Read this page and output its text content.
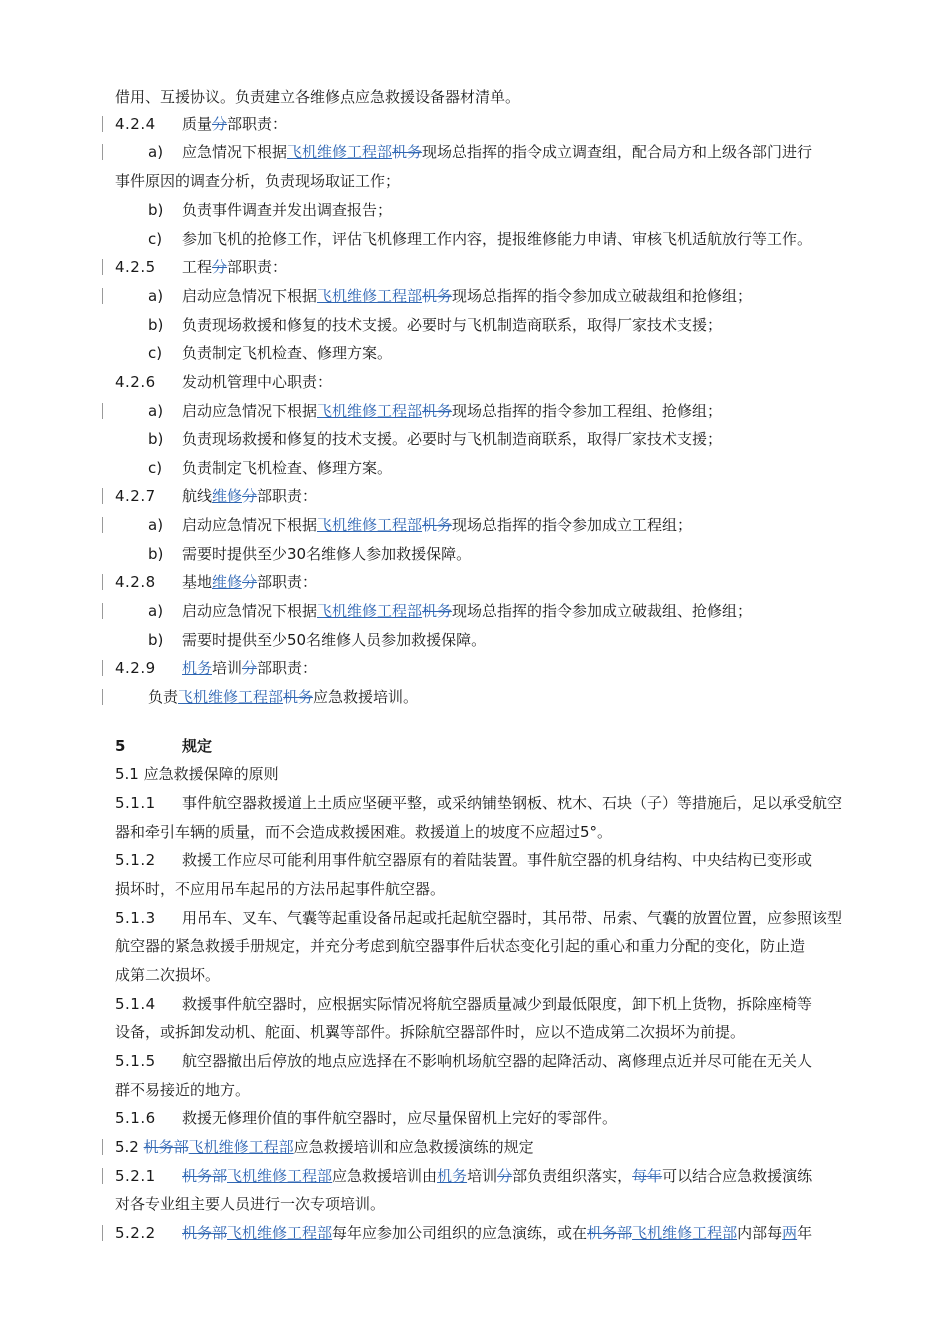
借用、互援协议。负责建立各维修点应急救援设备器材清单。
4.2.4 质量分部职责：
a) 应急情况下根据飞机维修工程部机务现场总指挥的指令成立调查组，配合局方和上级各部门进行
事件原因的调查分析，负责现场取证工作；
b) 负责事件调查并发出调查报告；
c) 参加飞机的抢修工作，评估飞机修理工作内容，提报维修能力申请、审核飞机适航放行等工作。
4.2.5 工程分部职责：
a) 启动应急情况下根据飞机维修工程部机务现场总指挥的指令参加成立破裁组和抢修组；
b) 负责现场救援和修复的技术支援。必要时与飞机制造商联系，取得厂家技术支援；
c) 负责制定飞机检查、修理方案。
4.2.6 发动机管理中心职责：
a) 启动应急情况下根据飞机维修工程部机务现场总指挥的指令参加工程组、抢修组；
b) 负责现场救援和修复的技术支援。必要时与飞机制造商联系，取得厂家技术支援；
c) 负责制定飞机检查、修理方案。
4.2.7 航线维修分部职责：
a) 启动应急情况下根据飞机维修工程部机务现场总指挥的指令参加成立工程组；
b) 需要时提供至少30名维修人参加救援保障。
4.2.8 基地维修分部职责：
a) 启动应急情况下根据飞机维修工程部机务现场总指挥的指令参加成立破裁组、抢修组；
b) 需要时提供至少50名维修人员参加救援保障。
4.2.9 机务培训分部职责：
负责飞机维修工程部机务应急救援培训。
5	规定
5.1 应急救援保障的原则
5.1.1 事件航空器救援道上土质应坚硬平整，或采纳铺垫钢板、枕木、石块（子）等措施后，足以承受航空
器和牵引车辆的质量，而不会造成救援困难。救援道上的坡度不应超过5°。
5.1.2 救援工作应尽可能利用事件航空器原有的着陆装置。事件航空器的机身结构、中央结构已变形或
损坏时，不应用吊车起吊的方法吊起事件航空器。
5.1.3 用吊车、叉车、气囊等起重设备吊起或托起航空器时，其吊带、吊索、气囊的放置位置，应参照该型
航空器的紧急救援手册规定，并充分考虑到航空器事件后状态变化引起的重心和重力分配的变化，防止造
成第二次损坏。
5.1.4 救援事件航空器时，应根据实际情况将航空器质量减少到最低限度，卸下机上货物，拆除座椅等
设备，或拆卸发动机、舵面、机翼等部件。拆除航空器部件时，应以不造成第二次损坏为前提。
5.1.5 航空器撤出后停放的地点应选择在不影响机场航空器的起降活动、离修理点近并尽可能在无关人
群不易接近的地方。
5.1.6 救援无修理价值的事件航空器时，应尽量保留机上完好的零部件。
5.2 机务部飞机维修工程部应急救援培训和应急救援演练的规定
5.2.1 机务部飞机维修工程部应急救援培训由机务培训分部负责组织落实，每年可以结合应急救援演练
对各专业组主要人员进行一次专项培训。
5.2.2 机务部飞机维修工程部每年应参加公司组织的应急演练，或在机务部飞机维修工程部内部每两年
